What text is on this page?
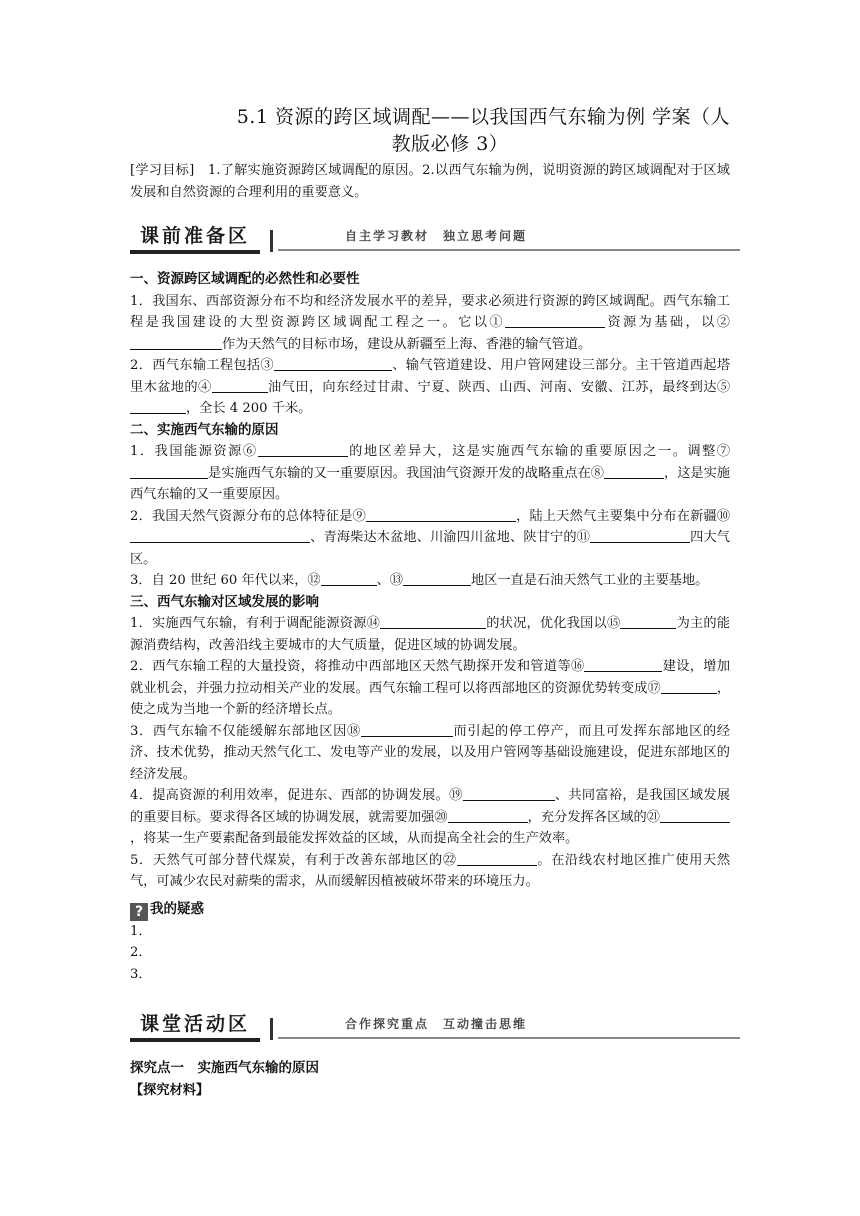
5.1 资源的跨区域调配——以我国西气东输为例 学案（人
教版必修 3）

[学习目标]　1.了解实施资源跨区域调配的原因。2.以西气东输为例，说明资源的跨区域调配对于区域发展和自然资源的合理利用的重要意义。

课前准备区	自主学习教材　独立思考问题

一、资源跨区域调配的必然性和必要性

1．我国东、西部资源分布不均和经济发展水平的差异，要求必须进行资源的跨区域调配。西气东输工程是我国建设的大型资源跨区域调配工程之一。它以①	资源为基础，以②作为天然气的目标市场，建设从新疆至上海、香港的输气管道。

2．西气东输工程包括③	、输气管道建设、用户管网建设三部分。主干管道西起塔里木盆地的④	油气田，向东经过甘肃、宁夏、陕西、山西、河南、安徽、江苏，最终到达⑤，全长 4 200 千米。

二、实施西气东输的原因

1．我国能源资源⑥	的地区差异大，这是实施西气东输的重要原因之一。调整⑦是实施西气东输的又一重要原因。我国油气资源开发的战略重点在⑧	，这是实施西气东输的又一重要原因。

2．我国天然气资源分布的总体特征是⑨	，陆上天然气主要集中分布在新疆⑩、青海柴达木盆地、川渝四川盆地、陕甘宁的⑪	四大气区。

3．自 20 世纪 60 年代以来，⑫	、⑬	地区一直是石油天然气工业的主要基地。

三、西气东输对区域发展的影响

1．实施西气东输，有利于调配能源资源⑭	的状况，优化我国以⑮	为主的能源消费结构，改善沿线主要城市的大气质量，促进区域的协调发展。

2．西气东输工程的大量投资，将推动中西部地区天然气勘探开发和管道等⑯	建设，增加就业机会，并强力拉动相关产业的发展。西气东输工程可以将西部地区的资源优势转变成⑰	，使之成为当地一个新的经济增长点。

3．西气东输不仅能缓解东部地区因⑱	而引起的停工停产，而且可发挥东部地区的经济、技术优势，推动天然气化工、发电等产业的发展，以及用户管网等基础设施建设，促进东部地区的经济发展。

4．提高资源的利用效率，促进东、西部的协调发展。⑲	、共同富裕，是我国区域发展的重要目标。要求得各区域的协调发展，就需要加强⑳	，充分发挥各区域的㉑，将某一生产要素配备到最能发挥效益的区域，从而提高全社会的生产效率。

5．天然气可部分替代煤炭，有利于改善东部地区的㉒	。在沿线农村地区推广使用天然气，可减少农民对薪柴的需求，从而缓解因植被破坏带来的环境压力。

? 我的疑惑

1．

2．

3．

课堂活动区	合作探究重点　互动撞击思维

探究点一　实施西气东输的原因

【探究材料】
